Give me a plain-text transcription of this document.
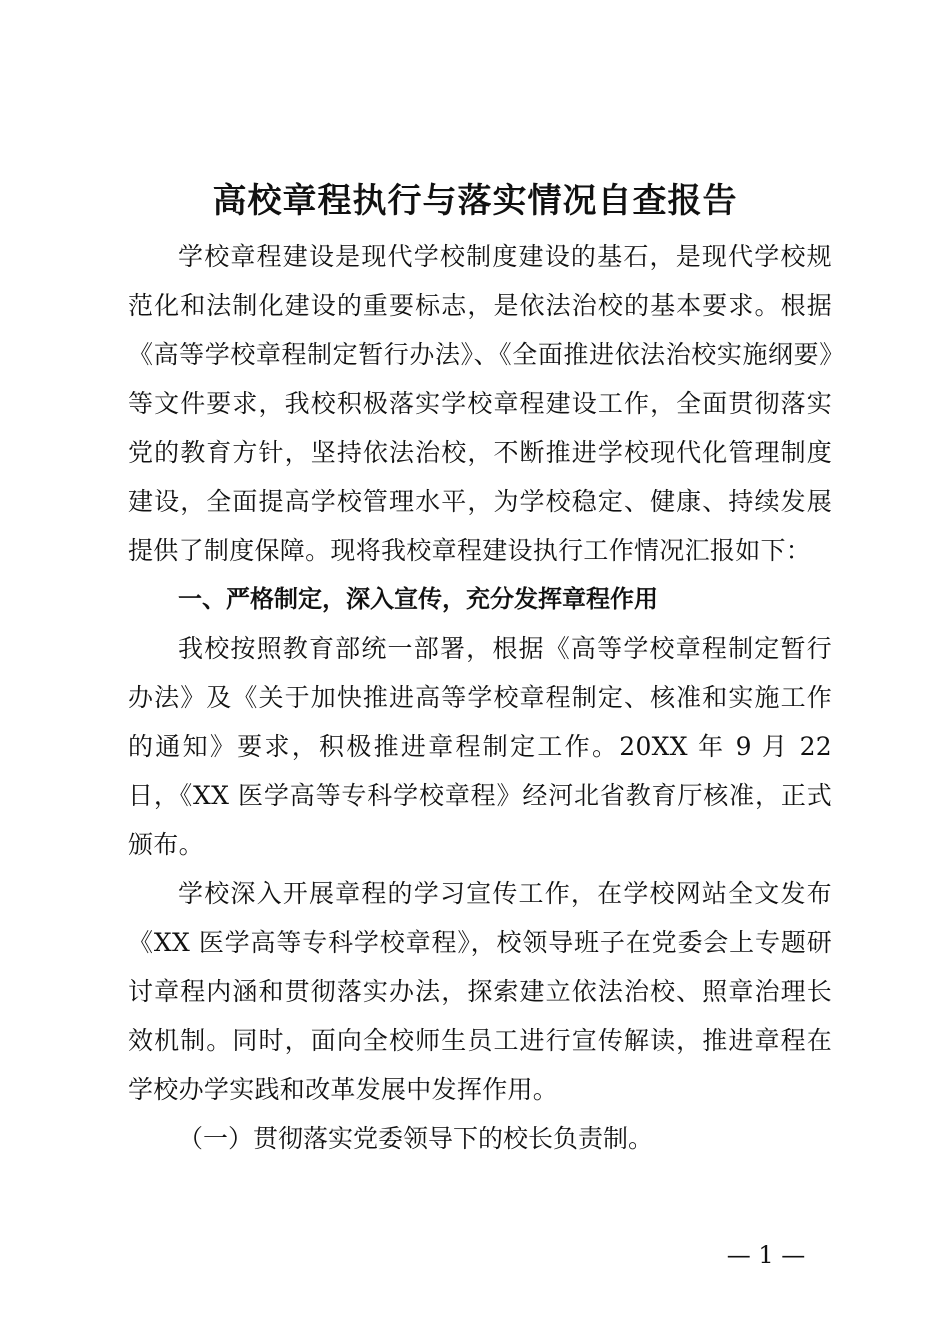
高校章程执行与落实情况自查报告

学校章程建设是现代学校制度建设的基石，是现代学校规范化和法制化建设的重要标志，是依法治校的基本要求。根据《高等学校章程制定暂行办法》、《全面推进依法治校实施纲要》等文件要求，我校积极落实学校章程建设工作，全面贯彻落实党的教育方针，坚持依法治校，不断推进学校现代化管理制度建设，全面提高学校管理水平，为学校稳定、健康、持续发展提供了制度保障。现将我校章程建设执行工作情况汇报如下：

一、严格制定，深入宣传，充分发挥章程作用

我校按照教育部统一部署，根据《高等学校章程制定暂行办法》及《关于加快推进高等学校章程制定、核准和实施工作的通知》要求，积极推进章程制定工作。20XX 年 9 月 22 日，《XX 医学高等专科学校章程》经河北省教育厅核准，正式颁布。

学校深入开展章程的学习宣传工作，在学校网站全文发布《XX 医学高等专科学校章程》，校领导班子在党委会上专题研讨章程内涵和贯彻落实办法，探索建立依法治校、照章治理长效机制。同时，面向全校师生员工进行宣传解读，推进章程在学校办学实践和改革发展中发挥作用。

（一）贯彻落实党委领导下的校长负责制。

— 1 —
